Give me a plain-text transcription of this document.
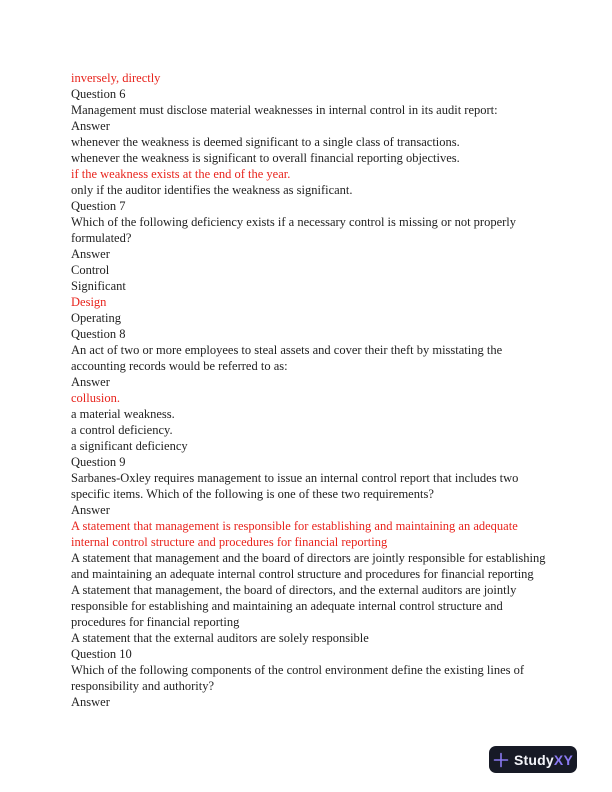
inversely, directly
Question 6
Management must disclose material weaknesses in internal control in its audit report:
Answer
whenever the weakness is deemed significant to a single class of transactions.
whenever the weakness is significant to overall financial reporting objectives.
if the weakness exists at the end of the year.
only if the auditor identifies the weakness as significant.
Question 7
Which of the following deficiency exists if a necessary control is missing or not properly
formulated?
Answer
Control
Significant
Design
Operating
Question 8
An act of two or more employees to steal assets and cover their theft by misstating the
accounting records would be referred to as:
Answer
collusion.
a material weakness.
a control deficiency.
a significant deficiency
Question 9
Sarbanes-Oxley requires management to issue an internal control report that includes two
specific items. Which of the following is one of these two requirements?
Answer
A statement that management is responsible for establishing and maintaining an adequate
internal control structure and procedures for financial reporting
A statement that management and the board of directors are jointly responsible for establishing
and maintaining an adequate internal control structure and procedures for financial reporting
A statement that management, the board of directors, and the external auditors are jointly
responsible for establishing and maintaining an adequate internal control structure and
procedures for financial reporting
A statement that the external auditors are solely responsible
Question 10
Which of the following components of the control environment define the existing lines of
responsibility and authority?
Answer
StudyXY
